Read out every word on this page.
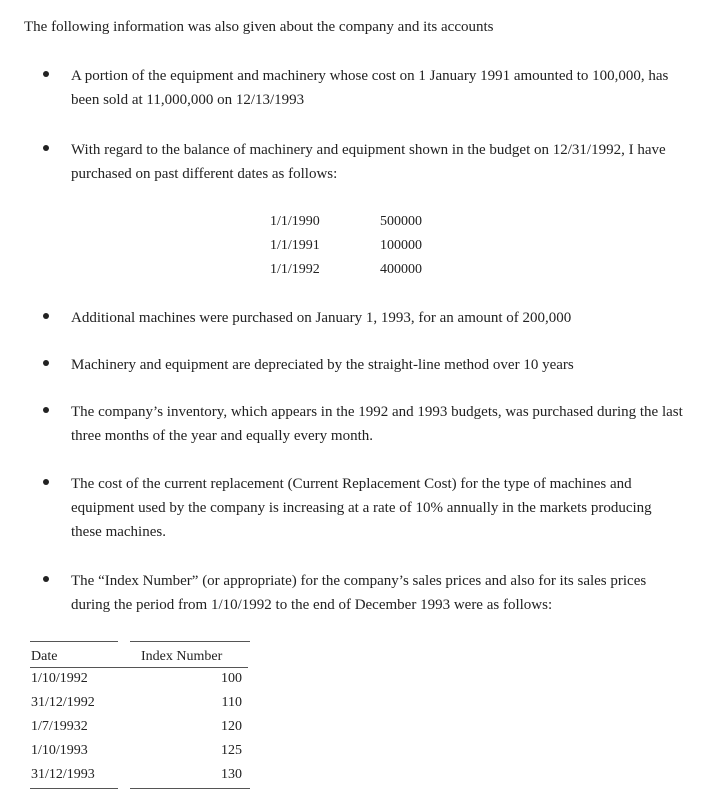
The following information was also given about the company and its accounts
A portion of the equipment and machinery whose cost on 1 January 1991 amounted to 100,000, has been sold at 11,000,000 on 12/13/1993
With regard to the balance of machinery and equipment shown in the budget on 12/31/1992, I have purchased on past different dates as follows:
1/1/1990	500000
1/1/1991	100000
1/1/1992	400000
Additional machines were purchased on January 1, 1993, for an amount of 200,000
Machinery and equipment are depreciated by the straight-line method over 10 years
The company’s inventory, which appears in the 1992 and 1993 budgets, was purchased during the last three months of the year and equally every month.
The cost of the current replacement (Current Replacement Cost) for the type of machines and equipment used by the company is increasing at a rate of 10% annually in the markets producing these machines.
The “Index Number” (or appropriate) for the company’s sales prices and also for its sales prices during the period from 1/10/1992 to the end of December 1993 were as follows:
Date	Index Number
1/10/1992	100
31/12/1992	110
1/7/19932	120
1/10/1993	125
31/12/1993	130
